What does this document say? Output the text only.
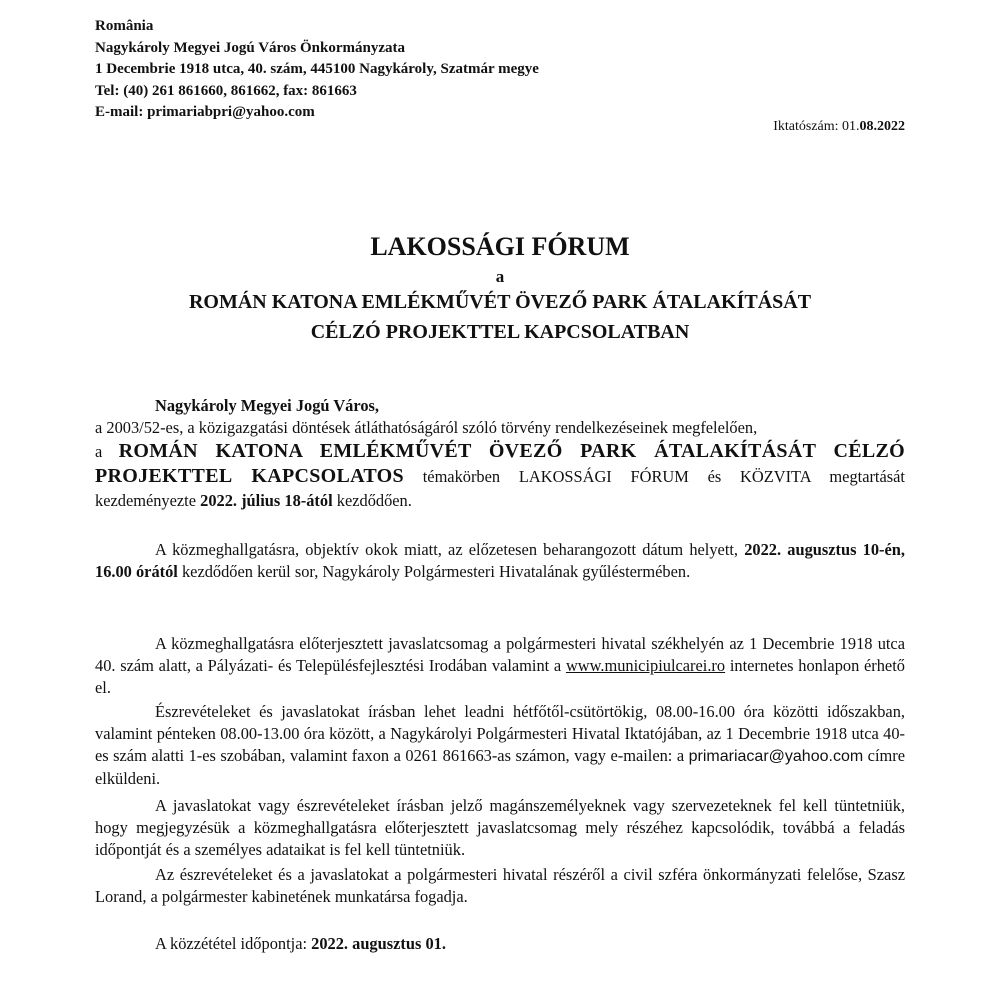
România
Nagykároly Megyei Jogú Város Önkormányzata
1 Decembrie 1918 utca, 40. szám, 445100 Nagykároly, Szatmár megye
Tel: (40) 261 861660, 861662, fax: 861663
E-mail: primariabpri@yahoo.com
Iktatószám: 01.08.2022
LAKOSSÁGI FÓRUM
a
ROMÁN KATONA EMLÉKMŰVÉT ÖVEZŐ PARK ÁTALAKÍTÁSÁT
CÉLZÓ PROJEKTTEL KAPCSOLATBAN
Nagykároly Megyei Jogú Város,
a 2003/52-es, a közigazgatási döntések átláthatóságáról szóló törvény rendelkezéseinek megfelelően,
a ROMÁN KATONA EMLÉKMŰVÉT ÖVEZŐ PARK ÁTALAKÍTÁSÁT CÉLZÓ PROJEKTTEL KAPCSOLATOS témakörben LAKOSSÁGI FÓRUM és KÖZVITA megtartását kezdeményezte 2022. július 18-ától kezdődően.
A közmeghallgatásra, objektív okok miatt, az előzetesen beharangozott dátum helyett, 2022. augusztus 10-én, 16.00 órától kezdődően kerül sor, Nagykároly Polgármesteri Hivatalának gyűléstermében.
A közmeghallgatásra előterjesztett javaslatcsomag a polgármesteri hivatal székhelyén az 1 Decembrie 1918 utca 40. szám alatt, a Pályázati- és Településfejlesztési Irodában valamint a www.municipiulcarei.ro internetes honlapon érhető el.
Észrevételeket és javaslatokat írásban lehet leadni hétfőtől-csütörtökig, 08.00-16.00 óra közötti időszakban, valamint pénteken 08.00-13.00 óra között, a Nagykárolyi Polgármesteri Hivatal Iktatójában, az 1 Decembrie 1918 utca 40-es szám alatti 1-es szobában, valamint faxon a 0261 861663-as számon, vagy e-mailen: a primariacar@yahoo.com címre elküldeni.
A javaslatokat vagy észrevételeket írásban jelző magánszemélyeknek vagy szervezeteknek fel kell tüntetniük, hogy megjegyzésük a közmeghallgatásra előterjesztett javaslatcsomag mely részéhez kapcsolódik, továbbá a feladás időpontját és a személyes adataikat is fel kell tüntetniük.
Az észrevételeket és a javaslatokat a polgármesteri hivatal részéről a civil szféra önkormányzati felelőse, Szasz Lorand, a polgármester kabinetének munkatársa fogadja.
A közzététel időpontja: 2022. augusztus 01.
